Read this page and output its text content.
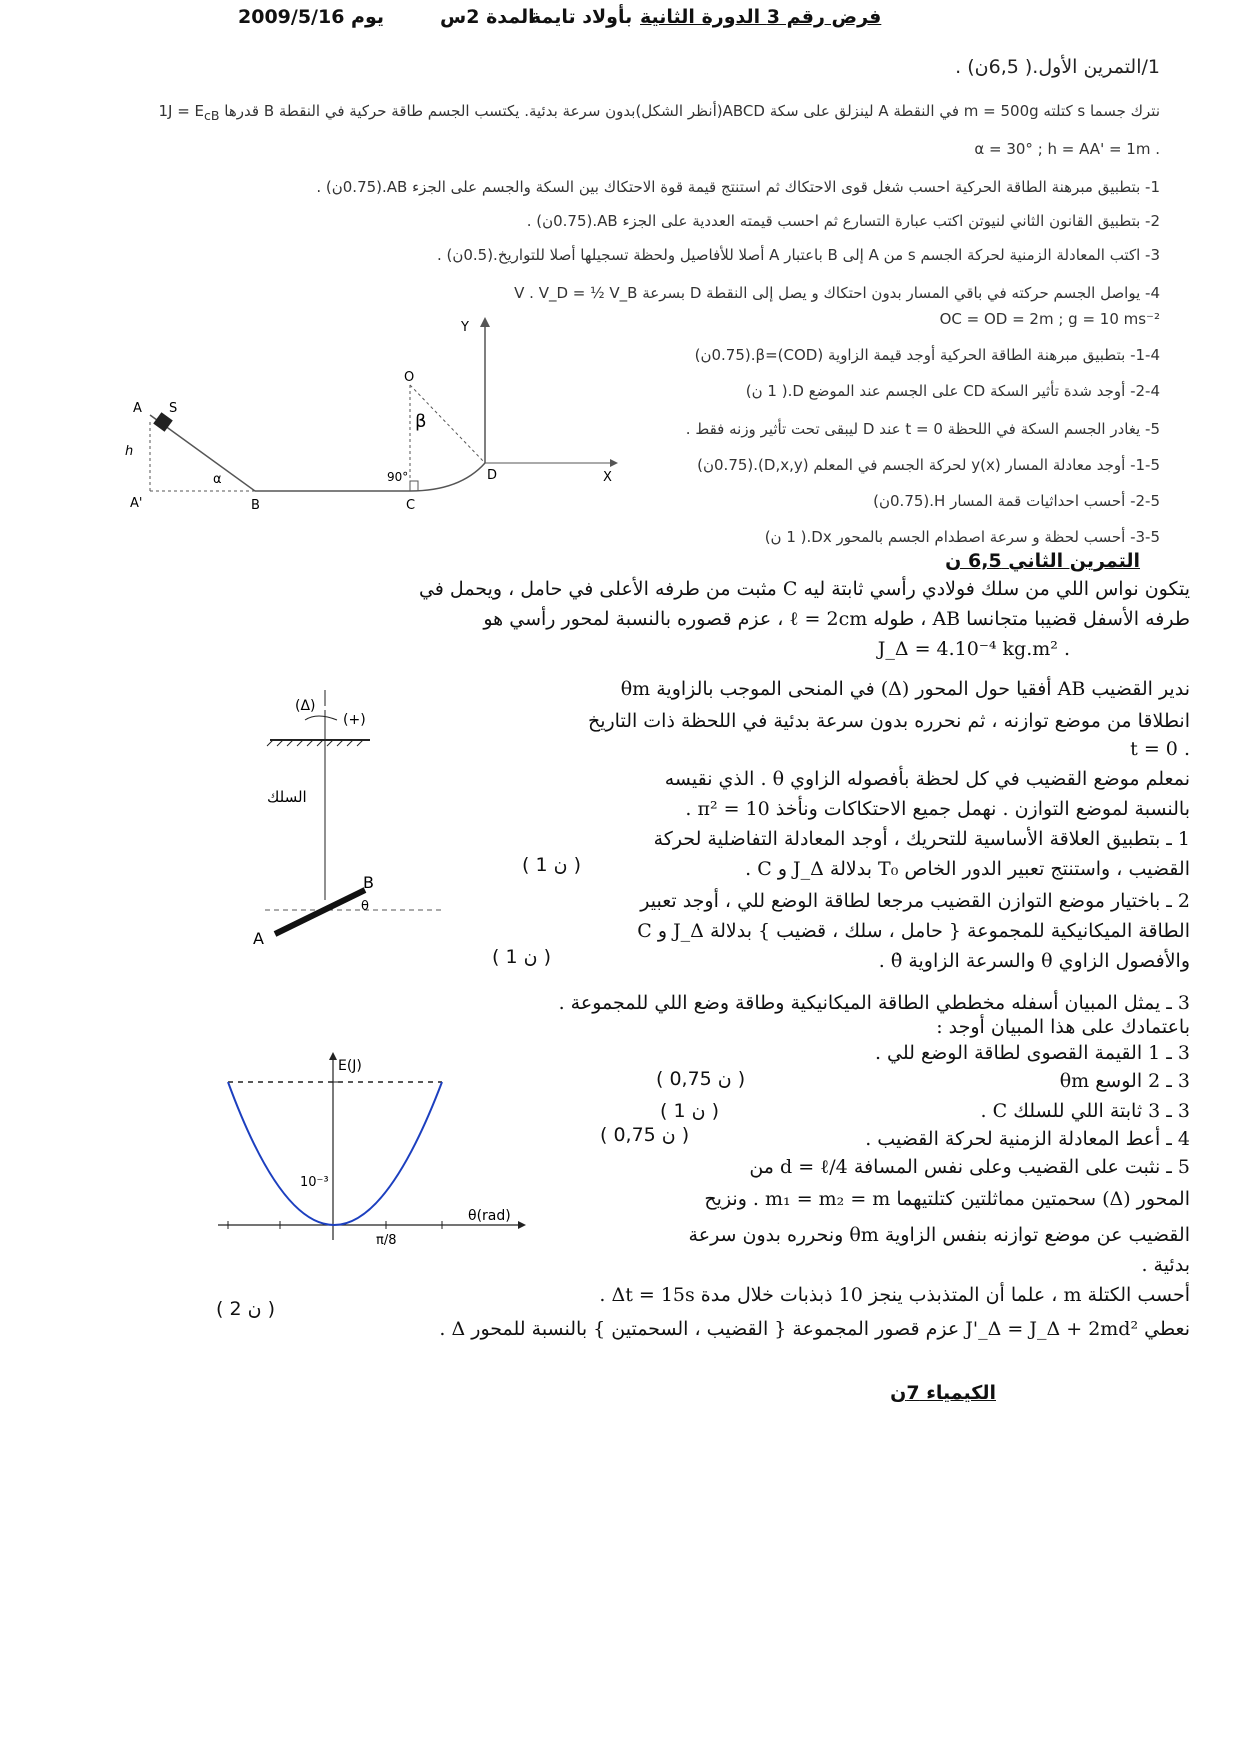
2009/5/16 يوم	فرض رقم 3 الدورة الثانية
بأولاد تايمة
المدة 2س
1/التمرين الأول.( 6,5ن) .
نترك جسما s كتلته m = 500g في النقطة A لينزلق على سكة ABCD(أنظر الشكل)بدون سرعة بدئية. يكتسب الجسم طاقة حركية في النقطة B قدرها $1J = E_{cB}$
. α = 30° ; h = AA' = 1m
1- بتطبيق مبرهنة الطاقة الحركية احسب شغل قوى الاحتكاك ثم استنتج قيمة قوة الاحتكاك بين السكة والجسم على الجزء AB.(0.75ن) .
2- بتطبيق القانون الثاني لنيوتن اكتب عبارة التسارع ثم احسب قيمته العددية على الجزء AB.(0.75ن) .
3- اكتب المعادلة الزمنية لحركة الجسم s من A إلى B باعتبار A أصلا للأفاصيل ولحظة تسجيلها أصلا للتواريخ.(0.5ن) .
4- يواصل الجسم حركته في باقي المسار بدون احتكاك و يصل إلى النقطة D بسرعة V . V_D = ½ V_B
OC = OD = 2m ; g = 10 ms⁻²
1-4- بتطبيق مبرهنة الطاقة الحركية أوجد قيمة الزاوية β=(COD).(0.75ن)
2-4- أوجد شدة تأثير السكة CD على الجسم عند الموضع D.( 1 ن)
5- يغادر الجسم السكة في اللحظة t = 0 عند D ليبقى تحت تأثير وزنه فقط .
1-5- أوجد معادلة المسار (x)y لحركة الجسم في المعلم (D,x,y).(0.75ن)
2-5- أحسب احداثيات قمة المسار H.(0.75ن)
3-5- أحسب لحظة و سرعة اصطدام الجسم بالمحور Dx.( 1 ن)
A S
h
A'
α
B	C
D
O
β
90°	X
Y
التمرين الثاني 6,5 ن
يتكون نواس اللي من سلك فولادي رأسي ثابتة ليه C مثبت من طرفه الأعلى في حامل ، ويحمل في
طرفه الأسفل قضيبا متجانسا AB ، طوله ℓ = 2cm ، عزم قصوره بالنسبة لمحور رأسي هو
. J_Δ = 4.10⁻⁴ kg.m²
ندير القضيب AB أفقيا حول المحور (Δ) في المنحى الموجب بالزاوية θm
انطلاقا من موضع توازنه ، ثم نحرره بدون سرعة بدئية في اللحظة ذات التاريخ
. t = 0
نمعلم موضع القضيب في كل لحظة بأفصوله الزاوي θ . الذي نقيسه
بالنسبة لموضع التوازن . نهمل جميع الاحتكاكات ونأخذ π² = 10 .
1 ـ بتطبيق العلاقة الأساسية للتحريك ، أوجد المعادلة التفاضلية لحركة
القضيب ، واستنتج تعبير الدور الخاص T₀ بدلالة J_Δ و C .
( 1 ن )
2 ـ باختيار موضع التوازن القضيب مرجعا لطاقة الوضع للي ، أوجد تعبير
الطاقة الميكانيكية للمجموعة { حامل ، سلك ، قضيب } بدلالة J_Δ و C
والأفصول الزاوي θ والسرعة الزاوية θ̇ .
( 1 ن )
3 ـ يمثل المبيان أسفله مخططي الطاقة الميكانيكية وطاقة وضع اللي للمجموعة .
باعتمادك على هذا المبيان أوجد :
3 ـ 1 القيمة القصوى لطاقة الوضع للي .
3 ـ 2 الوسع θm
( 0,75 ن )
3 ـ 3 ثابتة اللي للسلك C .
( 1 ن )
4 ـ أعط المعادلة الزمنية لحركة القضيب .
( 0,75 ن )
5 ـ نثبت على القضيب وعلى نفس المسافة d = ℓ/4 من
المحور (Δ) سحمتين مماثلتين كتلتيهما m₁ = m₂ = m . ونزيح
القضيب عن موضع توازنه بنفس الزاوية θm ونحرره بدون سرعة
بدئية .
أحسب الكتلة m ، علما أن المتذبذب ينجز 10 ذبذبات خلال مدة Δt = 15s .
( 2 ن )
نعطي J'_Δ = J_Δ + 2md² عزم قصور المجموعة { القضيب ، السحمتين } بالنسبة للمحور Δ .
(Δ)
(+)
السلك
A
B
θ
E(J)
θ(rad)
10⁻³
π/8
الكيمياء 7ن
